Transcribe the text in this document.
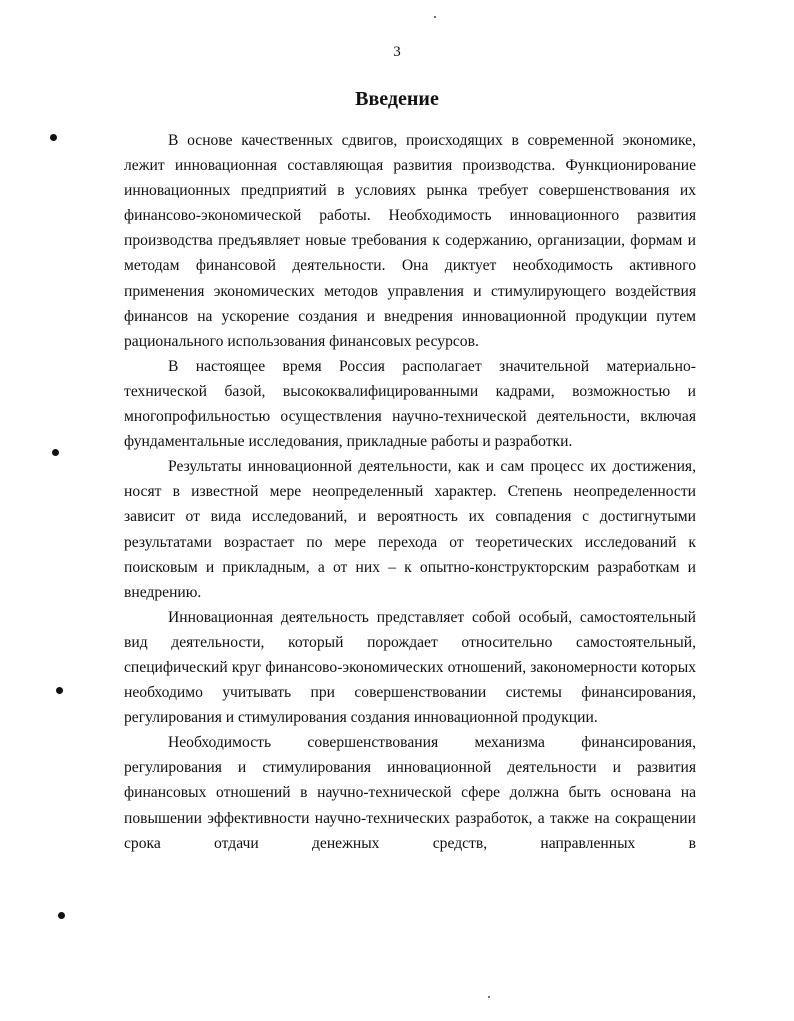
3
Введение

В основе качественных сдвигов, происходящих в современной экономике, лежит инновационная составляющая развития производства. Функционирование инновационных предприятий в условиях рынка требует совершенствования их финансово-экономической работы. Необходимость инновационного развития производства предъявляет новые требования к содержанию, организации, формам и методам финансовой деятельности. Она диктует необходимость активного применения экономических методов управления и стимулирующего воздействия финансов на ускорение создания и внедрения инновационной продукции путем рационального использования финансовых ресурсов.

В настоящее время Россия располагает значительной материально-технической базой, высококвалифицированными кадрами, возможностью и многопрофильностью осуществления научно-технической деятельности, включая фундаментальные исследования, прикладные работы и разработки.

Результаты инновационной деятельности, как и сам процесс их достижения, носят в известной мере неопределенный характер. Степень неопределенности зависит от вида исследований, и вероятность их совпадения с достигнутыми результатами возрастает по мере перехода от теоретических исследований к поисковым и прикладным, а от них – к опытно-конструкторским разработкам и внедрению.

Инновационная деятельность представляет собой особый, самостоятельный вид деятельности, который порождает относительно самостоятельный, специфический круг финансово-экономических отношений, закономерности которых необходимо учитывать при совершенствовании системы финансирования, регулирования и стимулирования создания инновационной продукции.

Необходимость совершенствования механизма финансирования, регулирования и стимулирования инновационной деятельности и развития финансовых отношений в научно-технической сфере должна быть основана на повышении эффективности научно-технических разработок, а также на сокращении срока отдачи денежных средств, направленных в
